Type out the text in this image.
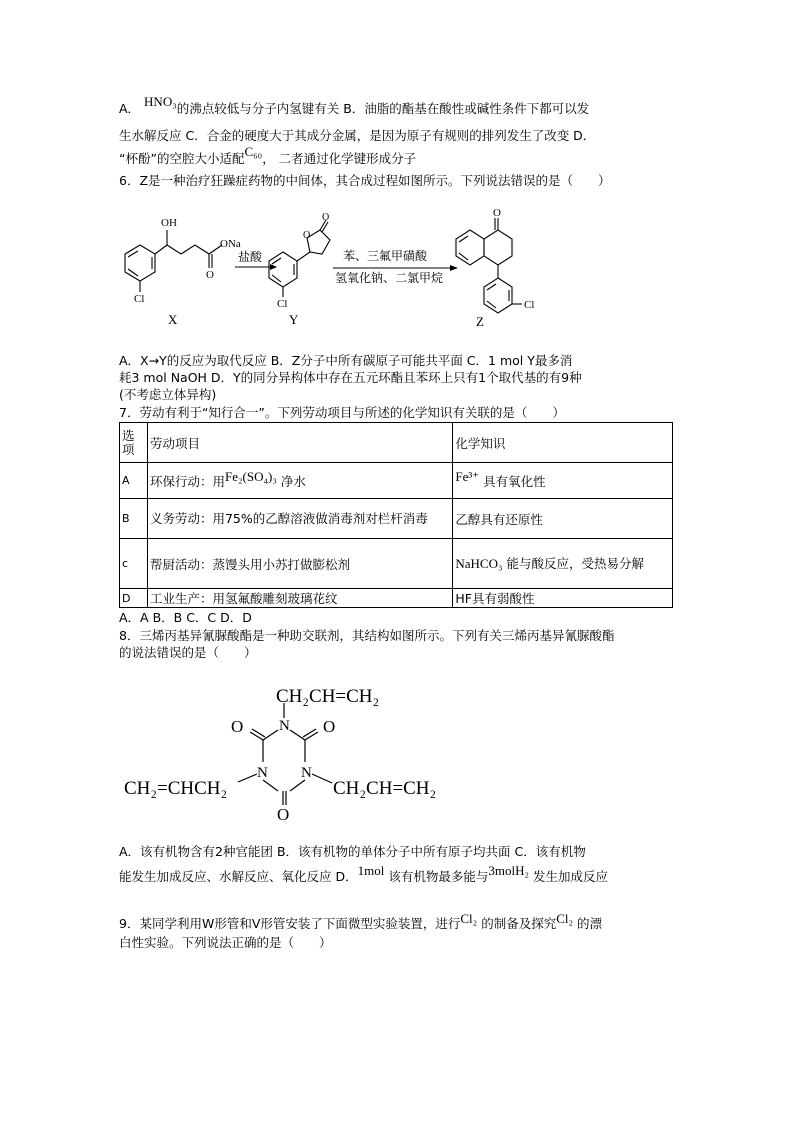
A． HNO₃的沸点较低与分子内氢键有关 B．油脂的酯基在酸性或碱性条件下都可以发
生水解反应 C．合金的硬度大于其成分金属，是因为原子有规则的排列发生了改变 D．
“杯酚”的空腔大小适配C₆₀， 二者通过化学键形成分子
6．Z是一种治疗狂躁症药物的中间体，其合成过程如图所示。下列说法错误的是（　　）
OH
ONa
O
Cl
X
盐酸
O
O
Cl
Y
苯、三氟甲磺酸
氢氧化钠、二氯甲烷
O
Cl
Z
A．X→Y的反应为取代反应 B．Z分子中所有碳原子可能共平面 C．1 mol Y最多消
耗3 mol NaOH D．Y的同分异构体中存在五元环酯且苯环上只有1个取代基的有9种
(不考虑立体异构)
7．劳动有利于“知行合一”。下列劳动项目与所述的化学知识有关联的是（　　）
选项	劳动项目	化学知识
A	环保行动：用Fe₂(SO₄)₃ 净水	Fe³⁺ 具有氧化性
B	义务劳动：用75%的乙醇溶液做消毒剂对栏杆消毒	乙醇具有还原性
c	帮厨活动：蒸馒头用小苏打做膨松剂	NaHCO₃ 能与酸反应，受热易分解
D	工业生产：用氢氟酸雕刻玻璃花纹	HF具有弱酸性
A．A B．B C．C D．D
8．三烯丙基异氰脲酸酯是一种助交联剂，其结构如图所示。下列有关三烯丙基异氰脲酸酯
的说法错误的是（　　）
CH₂CH=CH₂
N
O	O
N N
CH₂=CHCH₂	CH₂CH=CH₂
O
A．该有机物含有2种官能团 B．该有机物的单体分子中所有原子均共面 C．该有机物
能发生加成反应、水解反应、氧化反应 D．1mol 该有机物最多能与3molH₂ 发生加成反应
9．某同学利用W形管和V形管安装了下面微型实验装置，进行Cl₂ 的制备及探究Cl₂ 的漂
白性实验。下列说法正确的是（　　）
